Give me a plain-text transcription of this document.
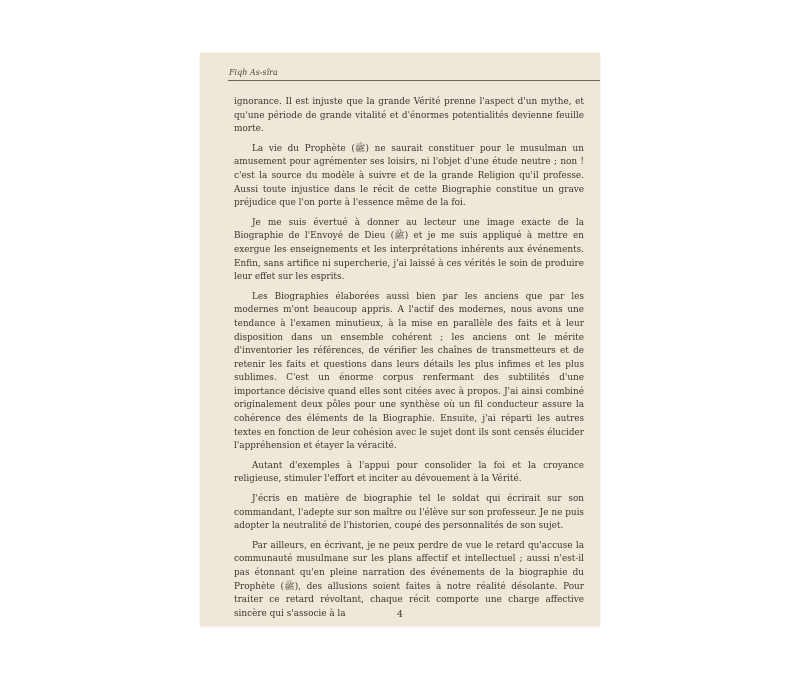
Fiqh As-sîra

ignorance. Il est injuste que la grande Vérité prenne l'aspect d'un mythe, et qu'une période de grande vitalité et d'énormes potentialités devienne feuille morte.

La vie du Prophète (ﷺ) ne saurait constituer pour le musulman un amusement pour agrémenter ses loisirs, ni l'objet d'une étude neutre ; non ! c'est la source du modèle à suivre et de la grande Religion qu'il professe. Aussi toute injustice dans le récit de cette Biographie constitue un grave préjudice que l'on porte à l'essence même de la foi.

Je me suis évertué à donner au lecteur une image exacte de la Biographie de l'Envoyé de Dieu (ﷺ) et je me suis appliqué à mettre en exergue les enseignements et les interprétations inhérents aux événements. Enfin, sans artifice ni supercherie, j'ai laissé à ces vérités le soin de produire leur effet sur les esprits.

Les Biographies élaborées aussi bien par les anciens que par les modernes m'ont beaucoup appris. A l'actif des modernes, nous avons une tendance à l'examen minutieux, à la mise en parallèle des faits et à leur disposition dans un ensemble cohérent ; les anciens ont le mérite d'inventorier les références, de vérifier les chaînes de transmetteurs et de retenir les faits et questions dans leurs détails les plus infimes et les plus sublimes. C'est un énorme corpus renfermant des subtilités d'une importance décisive quand elles sont citées avec à propos. J'ai ainsi combiné originalement deux pôles pour une synthèse où un fil conducteur assure la cohérence des éléments de la Biographie. Ensuite, j'ai réparti les autres textes en fonction de leur cohésion avec le sujet dont ils sont censés élucider l'appréhension et étayer la véracité.

Autant d'exemples à l'appui pour consolider la foi et la croyance religieuse, stimuler l'effort et inciter au dévouement à la Vérité.

J'écris en matière de biographie tel le soldat qui écrirait sur son commandant, l'adepte sur son maître ou l'élève sur son professeur. Je ne puis adopter la neutralité de l'historien, coupé des personnalités de son sujet.

Par ailleurs, en écrivant, je ne peux perdre de vue le retard qu'accuse la communauté musulmane sur les plans affectif et intellectuel ; aussi n'est-il pas étonnant qu'en pleine narration des événements de la biographie du Prophète (ﷺ), des allusions soient faites à notre réalité désolante. Pour traiter ce retard révoltant, chaque récit comporte une charge affective sincère qui s'associe à la	4
